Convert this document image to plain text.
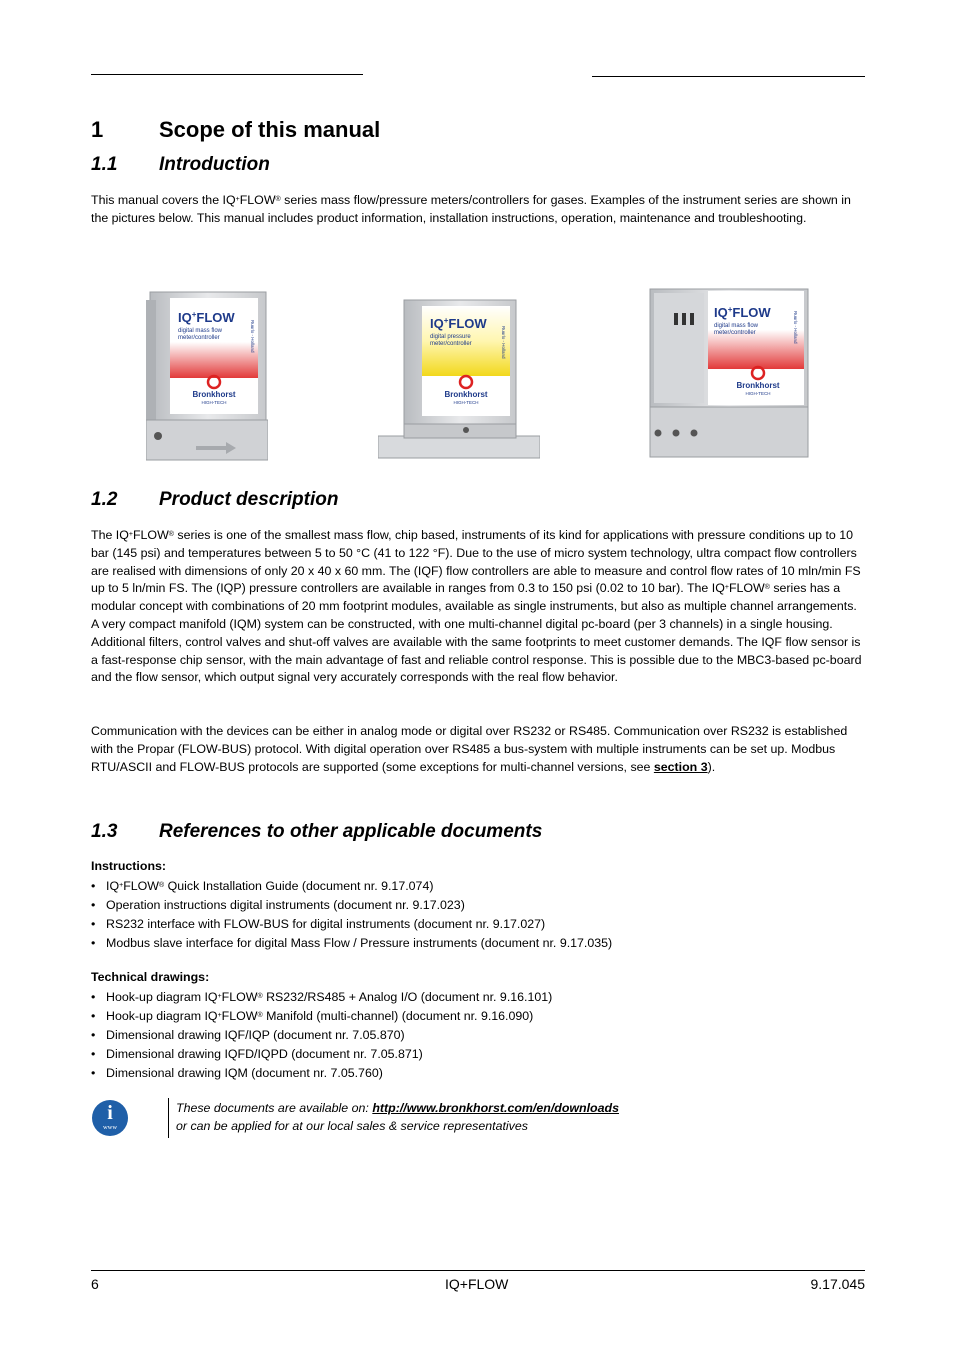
1	Scope of this manual
1.1 Introduction

This manual covers the IQ+FLOW® series mass flow/pressure meters/controllers for gases. Examples of the instrument series are shown in the pictures below. This manual includes product information, installation instructions, operation, maintenance and troubleshooting.

IQ+FLOW
digital mass flow
meter/controller	Ruurlo - Holland
Bronkhorst
HIGH-TECH
IQ+FLOW
digital pressure
meter/controller	Ruurlo - Holland
Bronkhorst
HIGH-TECH
IQ+FLOW
digital mass flow
meter/controller	Ruurlo - Holland
Bronkhorst
HIGH-TECH
1.2 Product description

The IQ+FLOW® series is one of the smallest mass flow, chip based, instruments of its kind for applications with pressure conditions up to 10 bar (145 psi) and temperatures between 5 to 50 °C (41 to 122 °F). Due to the use of micro system technology, ultra compact flow controllers are realised with dimensions of only 20 x 40 x 60 mm. The (IQF) flow controllers are able to measure and control flow rates of 10 mln/min FS up to 5 ln/min FS. The (IQP) pressure controllers are available in ranges from 0.3 to 150 psi (0.02 to 10 bar). The IQ+FLOW® series has a modular concept with combinations of 20 mm footprint modules, available as single instruments, but also as multiple channel arrangements. A very compact manifold (IQM) system can be constructed, with one multi-channel digital pc-board (per 3 channels) in a single housing. Additional filters, control valves and shut-off valves are available with the same footprints to meet customer demands. The IQF flow sensor is a fast-response chip sensor, with the main advantage of fast and reliable control response. This is possible due to the MBC3-based pc-board and the flow sensor, which output signal very accurately corresponds with the real flow behavior.

Communication with the devices can be either in analog mode or digital over RS232 or RS485. Communication over RS232 is established with the Propar (FLOW-BUS) protocol. With digital operation over RS485 a bus-system with multiple instruments can be set up. Modbus RTU/ASCII and FLOW-BUS protocols are supported (some exceptions for multi-channel versions, see section 3).

1.3 References to other applicable documents

Instructions:

• IQ+FLOW® Quick Installation Guide (document nr. 9.17.074)
• Operation instructions digital instruments (document nr. 9.17.023)
• RS232 interface with FLOW-BUS for digital instruments (document nr. 9.17.027)
• Modbus slave interface for digital Mass Flow / Pressure instruments (document nr. 9.17.035)

Technical drawings:

• Hook-up diagram IQ+FLOW® RS232/RS485 + Analog I/O (document nr. 9.16.101)
• Hook-up diagram IQ+FLOW® Manifold (multi-channel) (document nr. 9.16.090)
• Dimensional drawing IQF/IQP (document nr. 7.05.870)
• Dimensional drawing IQFD/IQPD (document nr. 7.05.871)
• Dimensional drawing IQM (document nr. 7.05.760)
i
www
These documents are available on: http://www.bronkhorst.com/en/downloads
or can be applied for at our local sales & service representatives
6	IQ+FLOW	9.17.045
